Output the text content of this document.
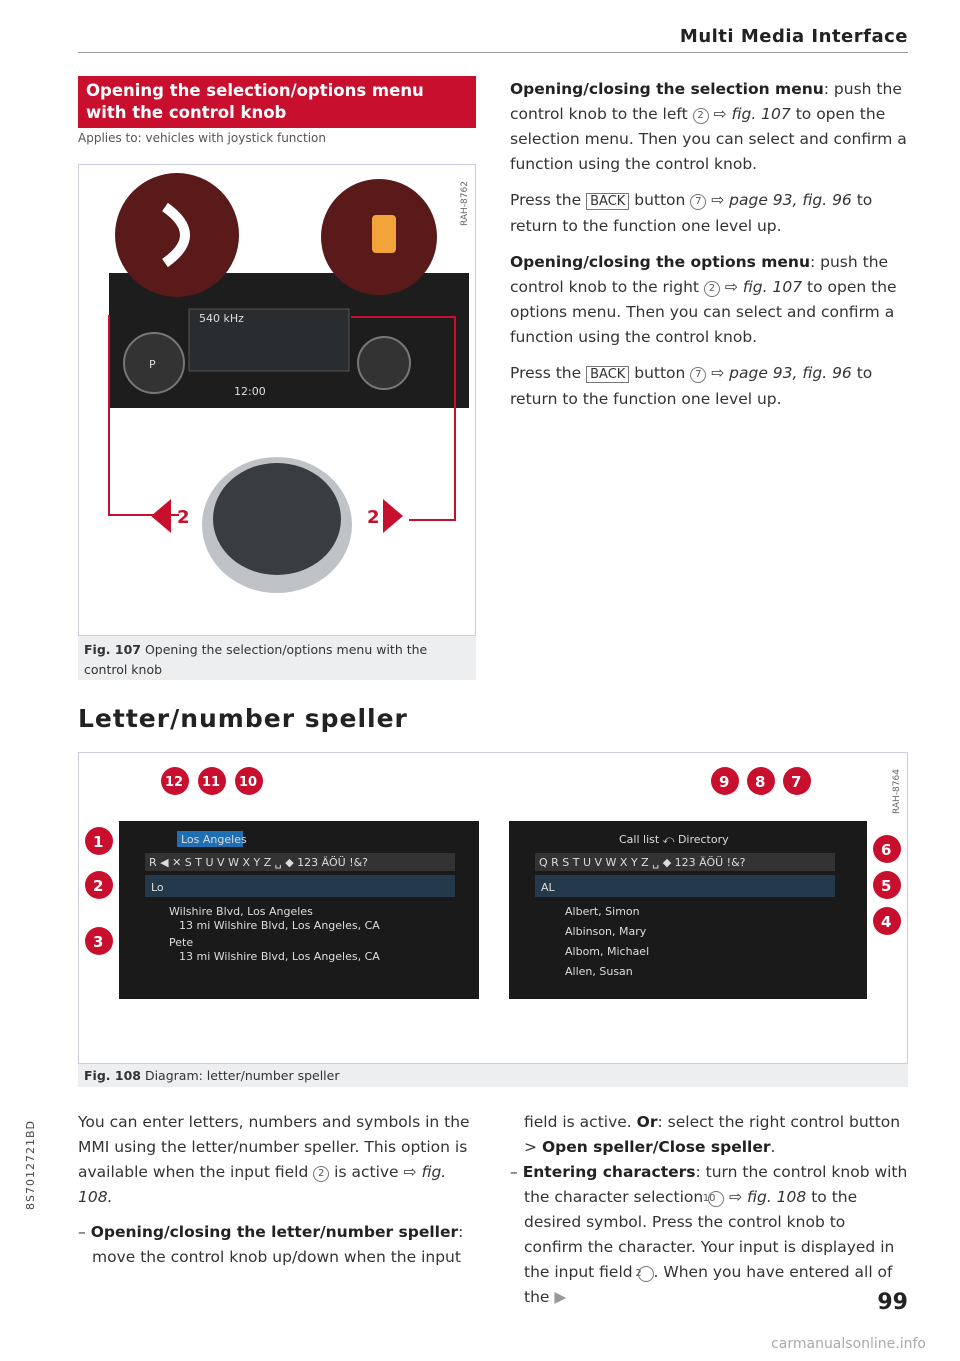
Multi Media Interface
Opening the selection/options menu with the control knob
Applies to: vehicles with joystick function
2	2
540 kHz
12:00
P
Fig. 107 Opening the selection/options menu with the control knob
Letter/number speller
Los Angeles
R ◀ ✕ S T U V W X Y Z ␣ ◆ 123 ÄÖÜ !&?
Lo
Wilshire Blvd, Los Angeles
13 mi Wilshire Blvd, Los Angeles, CA
Pete
13 mi Wilshire Blvd, Los Angeles, CA
Call list ⤺ Directory
Q R S T U V W X Y Z ␣ ◆ 123 ÄÖÜ !&?
AL
Albert, Simon
Albinson, Mary
Albom, Michael
Allen, Susan
1
2
3
12 11 10	9 8 7
6
5
4
Fig. 108 Diagram: letter/number speller

Opening/closing the selection menu: push the control knob to the left 2 ⇨ fig. 107 to open the selection menu. Then you can select and confirm a function using the control knob.

Press the BACK button 7 ⇨ page 93, fig. 96 to return to the function one level up.

Opening/closing the options menu: push the control knob to the right 2 ⇨ fig. 107 to open the options menu. Then you can select and confirm a function using the control knob.

Press the BACK button 7 ⇨ page 93, fig. 96 to return to the function one level up.

You can enter letters, numbers and symbols in the MMI using the letter/number speller. This option is available when the input field 2 is active ⇨ fig. 108.

– Opening/closing the letter/number speller: move the control knob up/down when the input

field is active. Or: select the right control button > Open speller/Close speller.

– Entering characters: turn the control knob with the character selection 10 ⇨ fig. 108 to the desired symbol. Press the control knob to confirm the character. Your input is displayed in the input field 2 . When you have entered all of the ▶

8S7012721BD
99
carmanualsonline.info
